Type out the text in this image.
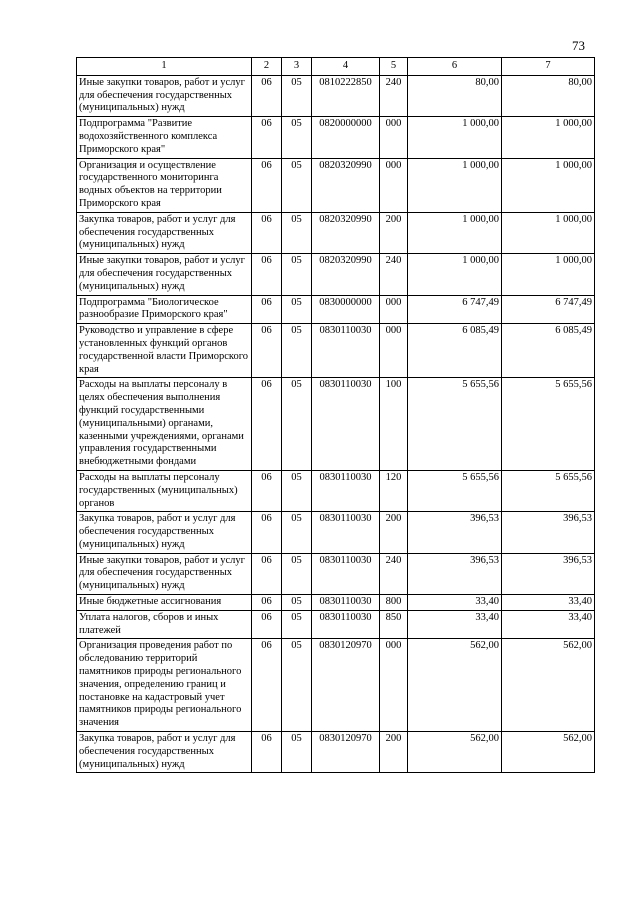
73
1	2	3	4	5	6	7
Иные закупки товаров, работ и услуг для обеспечения государственных (муниципальных) нужд	06	05	0810222850	240	80,00	80,00
Подпрограмма "Развитие водохозяйственного комплекса Приморского края"	06	05	0820000000	000	1 000,00	1 000,00
Организация и осуществление государственного мониторинга водных объектов на территории Приморского края	06	05	0820320990	000	1 000,00	1 000,00
Закупка товаров, работ и услуг для обеспечения государственных (муниципальных) нужд	06	05	0820320990	200	1 000,00	1 000,00
Иные закупки товаров, работ и услуг для обеспечения государственных (муниципальных) нужд	06	05	0820320990	240	1 000,00	1 000,00
Подпрограмма "Биологическое разнообразие Приморского края"	06	05	0830000000	000	6 747,49	6 747,49
Руководство и управление в сфере установленных функций органов государственной власти Приморского края	06	05	0830110030	000	6 085,49	6 085,49
Расходы на выплаты персоналу в целях обеспечения выполнения функций государственными (муниципальными) органами, казенными учреждениями, органами управления государственными внебюджетными фондами	06	05	0830110030	100	5 655,56	5 655,56
Расходы на выплаты персоналу государственных (муниципальных) органов	06	05	0830110030	120	5 655,56	5 655,56
Закупка товаров, работ и услуг для обеспечения государственных (муниципальных) нужд	06	05	0830110030	200	396,53	396,53
Иные закупки товаров, работ и услуг для обеспечения государственных (муниципальных) нужд	06	05	0830110030	240	396,53	396,53
Иные бюджетные ассигнования	06	05	0830110030	800	33,40	33,40
Уплата налогов, сборов и иных платежей	06	05	0830110030	850	33,40	33,40
Организация проведения работ по обследованию территорий памятников природы регионального значения, определению границ и постановке на кадастровый учет памятников природы регионального значения	06	05	0830120970	000	562,00	562,00
Закупка товаров, работ и услуг для обеспечения государственных (муниципальных) нужд	06	05	0830120970	200	562,00	562,00
